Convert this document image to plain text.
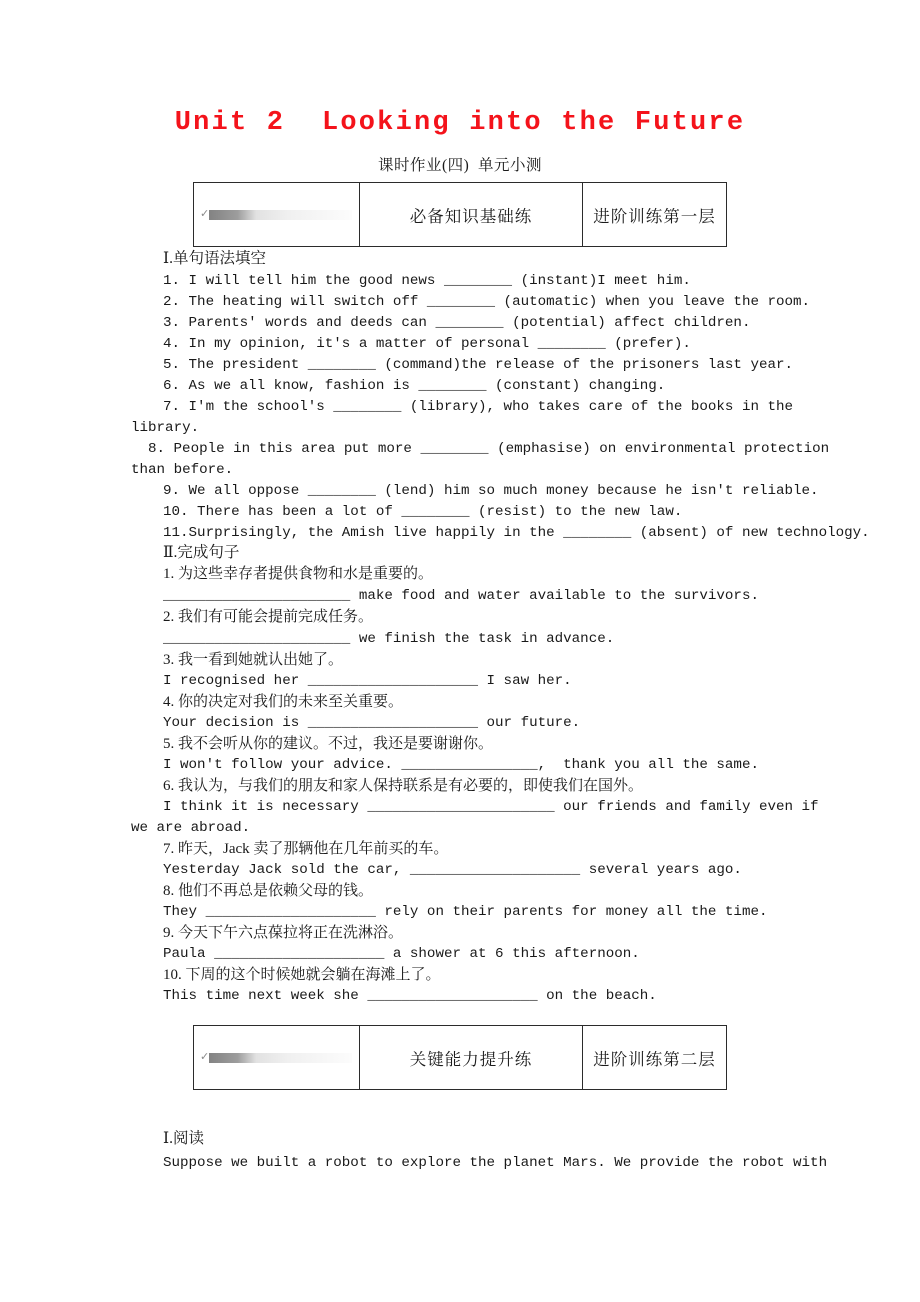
Unit 2  Looking into the Future
课时作业(四)  单元小测
✓	必备知识基础练	进阶训练第一层
Ⅰ.单句语法填空
1. I will tell him the good news ________ (instant)I meet him.
2. The heating will switch off ________ (automatic) when you leave the room.
3. Parents' words and deeds can ________ (potential) affect children.
4. In my opinion, it's a matter of personal ________ (prefer).
5. The president ________ (command)the release of the prisoners last year.
6. As we all know, fashion is ________ (constant) changing.
7. I'm the school's ________ (library), who takes care of the books in the
library.
8. People in this area put more ________ (emphasise) on environmental protection
than before.
9. We all oppose ________ (lend) him so much money because he isn't reliable.
10. There has been a lot of ________ (resist) to the new law.
11.Surprisingly, the Amish live happily in the ________ (absent) of new technology.
Ⅱ.完成句子
1. 为这些幸存者提供食物和水是重要的。
______________________ make food and water available to the survivors.
2. 我们有可能会提前完成任务。
______________________ we finish the task in advance.
3. 我一看到她就认出她了。
I recognised her ____________________ I saw her.
4. 你的决定对我们的未来至关重要。
Your decision is ____________________ our future.
5. 我不会听从你的建议。不过，我还是要谢谢你。
I won't follow your advice. ________________,  thank you all the same.
6. 我认为，与我们的朋友和家人保持联系是有必要的，即使我们在国外。
I think it is necessary ______________________ our friends and family even if
we are abroad.
7. 昨天，Jack 卖了那辆他在几年前买的车。
Yesterday Jack sold the car, ____________________ several years ago.
8. 他们不再总是依赖父母的钱。
They ____________________ rely on their parents for money all the time.
9. 今天下午六点葆拉将正在洗淋浴。
Paula ____________________ a shower at 6 this afternoon.
10. 下周的这个时候她就会躺在海滩上了。
This time next week she ____________________ on the beach.
✓	关键能力提升练	进阶训练第二层
Ⅰ.阅读
Suppose we built a robot to explore the planet Mars. We provide the robot with
